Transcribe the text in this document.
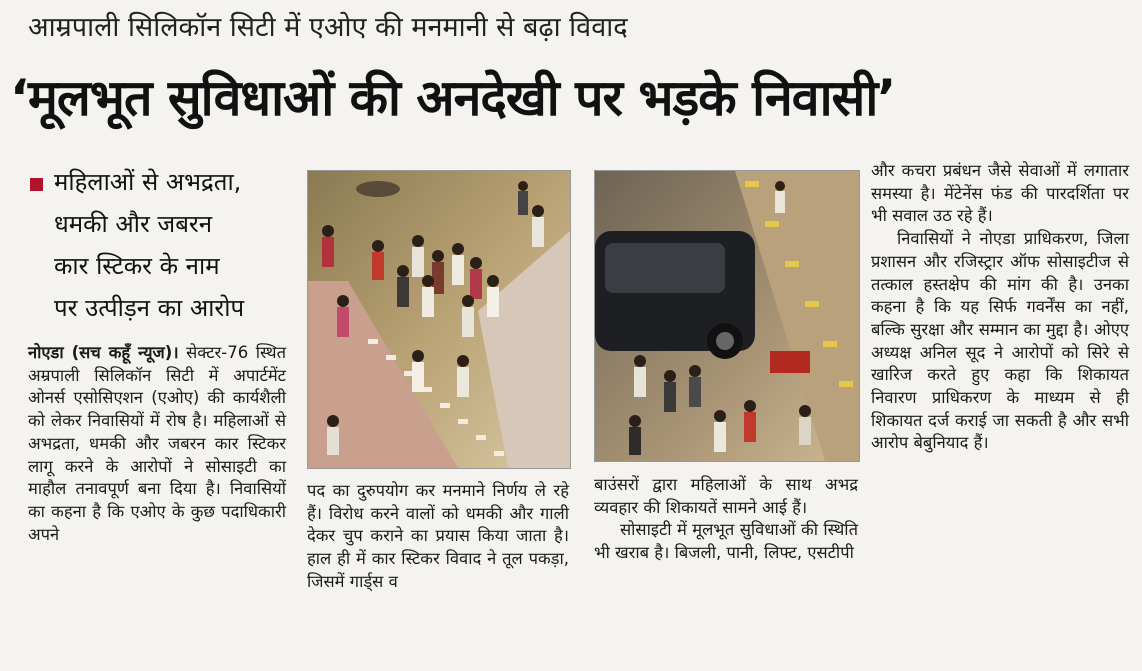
आम्रपाली सिलिकॉन सिटी में एओए की मनमानी से बढ़ा विवाद
‘मूलभूत सुविधाओं की अनदेखी पर भड़के निवासी’
महिलाओं से अभद्रता,
धमकी और जबरन
कार स्टिकर के नाम
पर उत्पीड़न का आरोप
नोएडा (सच कहूँ न्यूज)। सेक्टर-76 स्थित अम्रपाली सिलिकॉन सिटी में अपार्टमेंट ओनर्स एसोसिएशन (एओए) की कार्यशैली को लेकर निवासियों में रोष है। महिलाओं से अभद्रता, धमकी और जबरन कार स्टिकर लागू करने के आरोपों ने सोसाइटी का माहौल तनावपूर्ण बना दिया है। निवासियों का कहना है कि एओए के कुछ पदाधिकारी अपने
पद का दुरुपयोग कर मनमाने निर्णय ले रहे हैं। विरोध करने वालों को धमकी और गाली देकर चुप कराने का प्रयास किया जाता है। हाल ही में कार स्टिकर विवाद ने तूल पकड़ा, जिसमें गार्ड्स व
बाउंसरों द्वारा महिलाओं के साथ अभद्र व्यवहार की शिकायतें सामने आई हैं।
सोसाइटी में मूलभूत सुविधाओं की स्थिति भी खराब है। बिजली, पानी, लिफ्ट, एसटीपी
और कचरा प्रबंधन जैसे सेवाओं में लगातार समस्या है। मेंटेनेंस फंड की पारदर्शिता पर भी सवाल उठ रहे हैं।
निवासियों ने नोएडा प्राधिकरण, जिला प्रशासन और रजिस्ट्रार ऑफ सोसाइटीज से तत्काल हस्तक्षेप की मांग की है। उनका कहना है कि यह सिर्फ गवर्नेंस का नहीं, बल्कि सुरक्षा और सम्मान का मुद्दा है। ओएए अध्यक्ष अनिल सूद ने आरोपों को सिरे से खारिज करते हुए कहा कि शिकायत निवारण प्राधिकरण के माध्यम से ही शिकायत दर्ज कराई जा सकती है और सभी आरोप बेबुनियाद हैं।
